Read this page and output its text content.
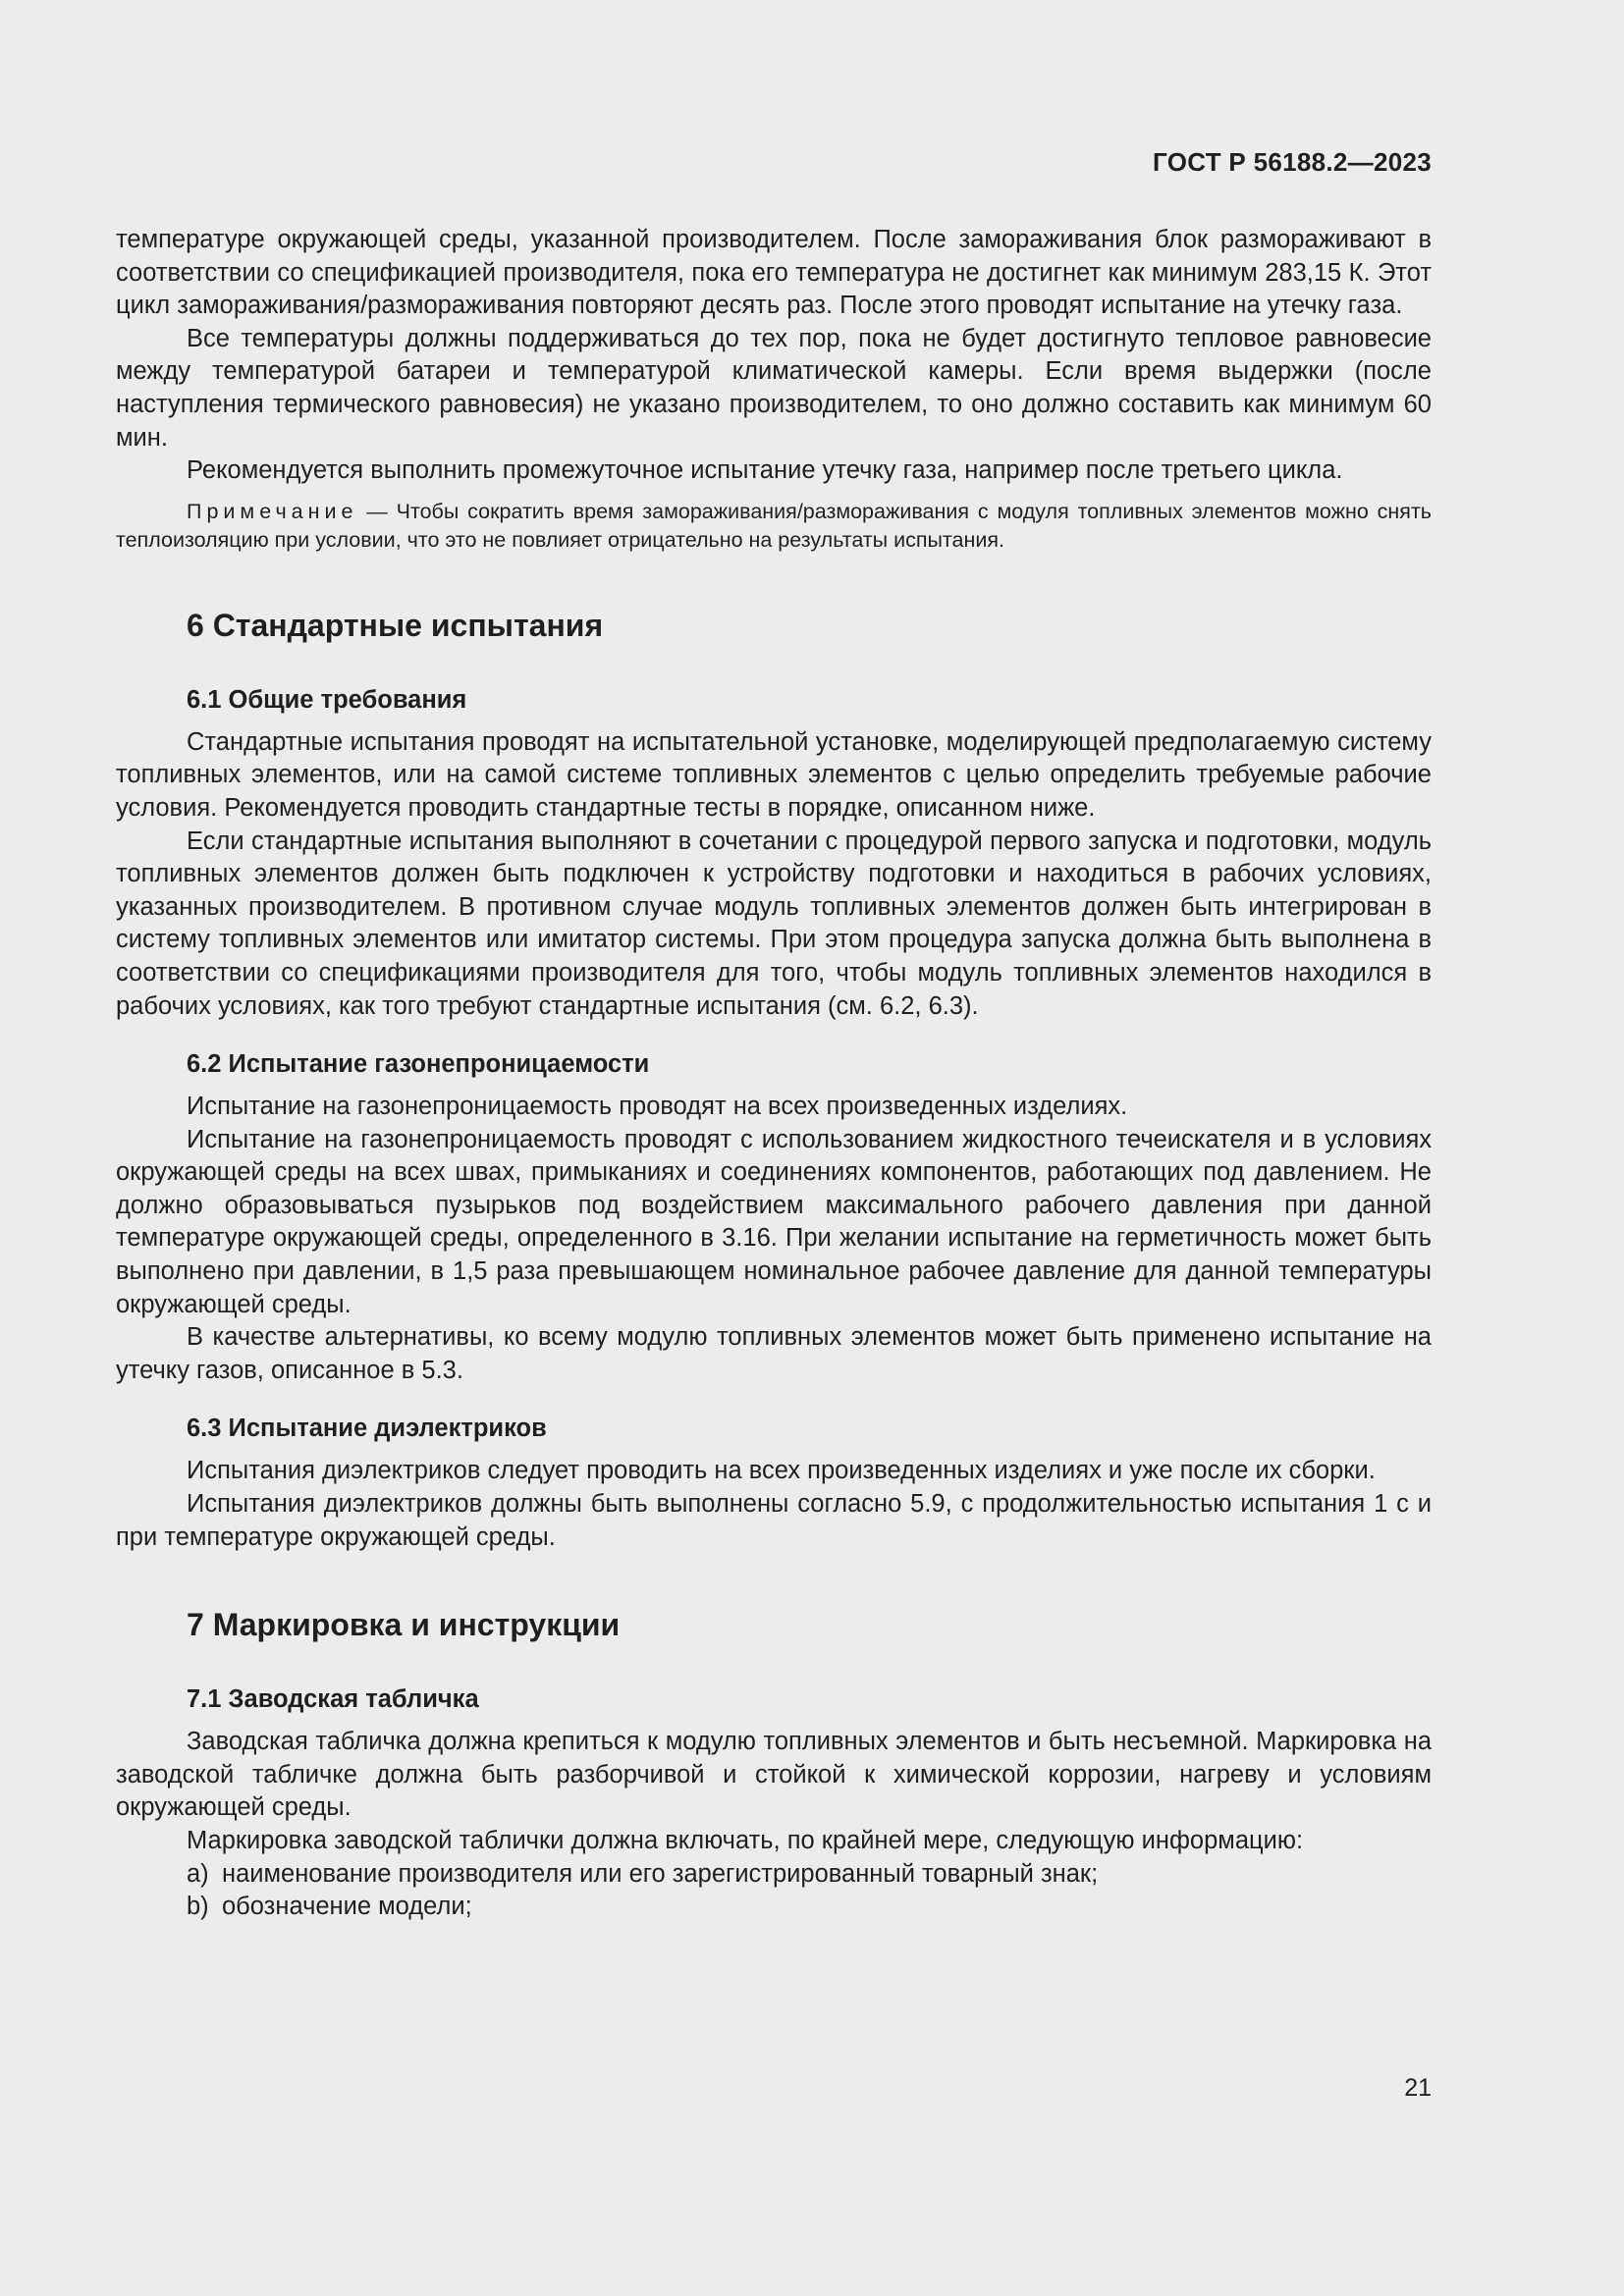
ГОСТ Р 56188.2—2023

температуре окружающей среды, указанной производителем. После замораживания блок размораживают в соответствии со спецификацией производителя, пока его температура не достигнет как минимум 283,15 К. Этот цикл замораживания/размораживания повторяют десять раз. После этого проводят испытание на утечку газа.

Все температуры должны поддерживаться до тех пор, пока не будет достигнуто тепловое равновесие между температурой батареи и температурой климатической камеры. Если время выдержки (после наступления термического равновесия) не указано производителем, то оно должно составить как минимум 60 мин.

Рекомендуется выполнить промежуточное испытание утечку газа, например после третьего цикла.

Примечание — Чтобы сократить время замораживания/размораживания с модуля топливных элементов можно снять теплоизоляцию при условии, что это не повлияет отрицательно на результаты испытания.
6 Стандартные испытания
6.1 Общие требования

Стандартные испытания проводят на испытательной установке, моделирующей предполагаемую систему топливных элементов, или на самой системе топливных элементов с целью определить требуемые рабочие условия. Рекомендуется проводить стандартные тесты в порядке, описанном ниже.

Если стандартные испытания выполняют в сочетании с процедурой первого запуска и подготовки, модуль топливных элементов должен быть подключен к устройству подготовки и находиться в рабочих условиях, указанных производителем. В противном случае модуль топливных элементов должен быть интегрирован в систему топливных элементов или имитатор системы. При этом процедура запуска должна быть выполнена в соответствии со спецификациями производителя для того, чтобы модуль топливных элементов находился в рабочих условиях, как того требуют стандартные испытания (см. 6.2, 6.3).

6.2 Испытание газонепроницаемости

Испытание на газонепроницаемость проводят на всех произведенных изделиях.

Испытание на газонепроницаемость проводят с использованием жидкостного течеискателя и в условиях окружающей среды на всех швах, примыканиях и соединениях компонентов, работающих под давлением. Не должно образовываться пузырьков под воздействием максимального рабочего давления при данной температуре окружающей среды, определенного в 3.16. При желании испытание на герметичность может быть выполнено при давлении, в 1,5 раза превышающем номинальное рабочее давление для данной температуры окружающей среды.

В качестве альтернативы, ко всему модулю топливных элементов может быть применено испытание на утечку газов, описанное в 5.3.

6.3 Испытание диэлектриков

Испытания диэлектриков следует проводить на всех произведенных изделиях и уже после их сборки.

Испытания диэлектриков должны быть выполнены согласно 5.9, с продолжительностью испытания 1 с и при температуре окружающей среды.

7 Маркировка и инструкции
7.1 Заводская табличка

Заводская табличка должна крепиться к модулю топливных элементов и быть несъемной. Маркировка на заводской табличке должна быть разборчивой и стойкой к химической коррозии, нагреву и условиям окружающей среды.

Маркировка заводской таблички должна включать, по крайней мере, следующую информацию:

a) наименование производителя или его зарегистрированный товарный знак;

b) обозначение модели;

21
